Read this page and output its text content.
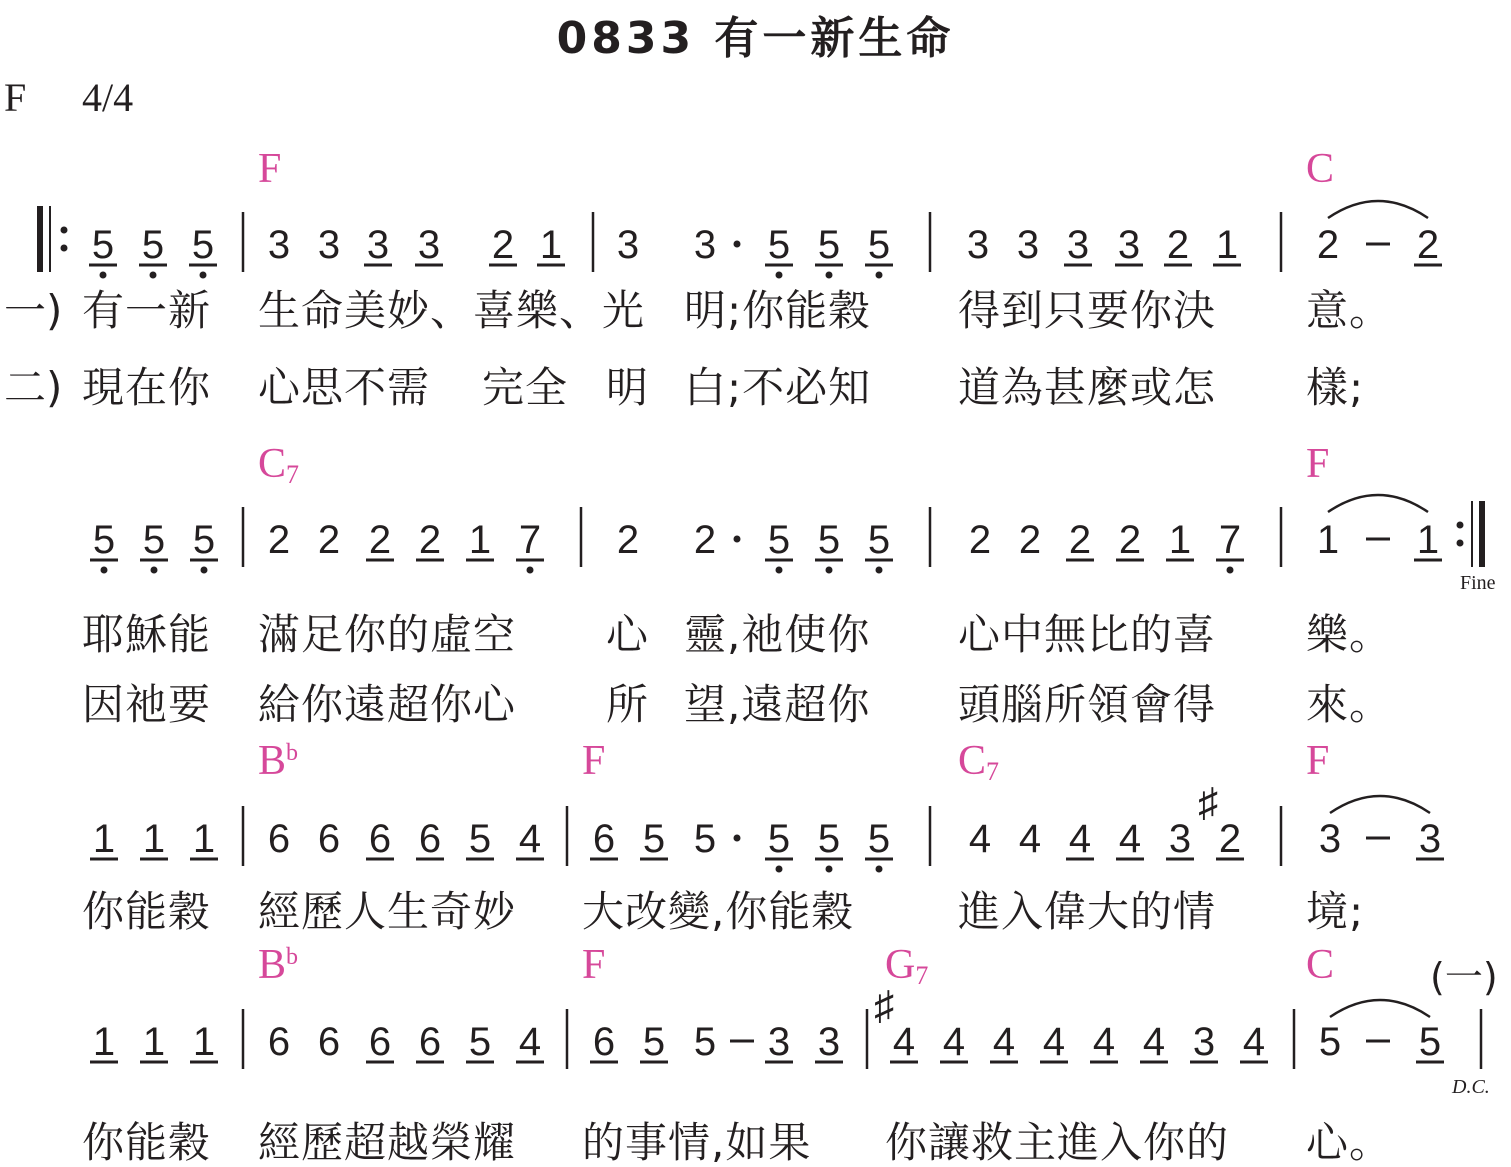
0833 有一新生命
F 4/4
F	C
$C_7$	F
$B^b$	F	$C_7$	F
$B^b$	F	$G_7$	C
一) 有一新 生命美妙、喜樂、光 明;你能穀 得到只要你決 意。
二) 現在你 心思不需 完全 明 白;不必知 道為甚麼或怎 樣;
耶穌能 滿足你的虛空 心 靈,祂使你 心中無比的喜 樂。
因祂要 給你遠超你心 所 望,遠超你 頭腦所領會得 來。
你能穀 經歷人生奇妙 大改變,你能穀 進入偉大的情 境;
你能穀 經歷超越榮耀 的事情,如果 你讓救主進入你的 心。
Fine
D.C.
(一)
5 5 5 3 3 3 3 2 1 3 3 5 5 5 3 3 3 3 2 1 2 2
5 5 5 2 2 2 2 1 7 2 2 5 5 5 2 2 2 2 1 7 1 1
1 1 1 6 6 6 6 5 4 6 5 5 5 5 5 4 4 4 4 3
♯
2 3 3
1 1 1 6 6 6 6 5 4 6 5 5 3 3
♯
4 4 4 4 4 4 3 4 5 5
